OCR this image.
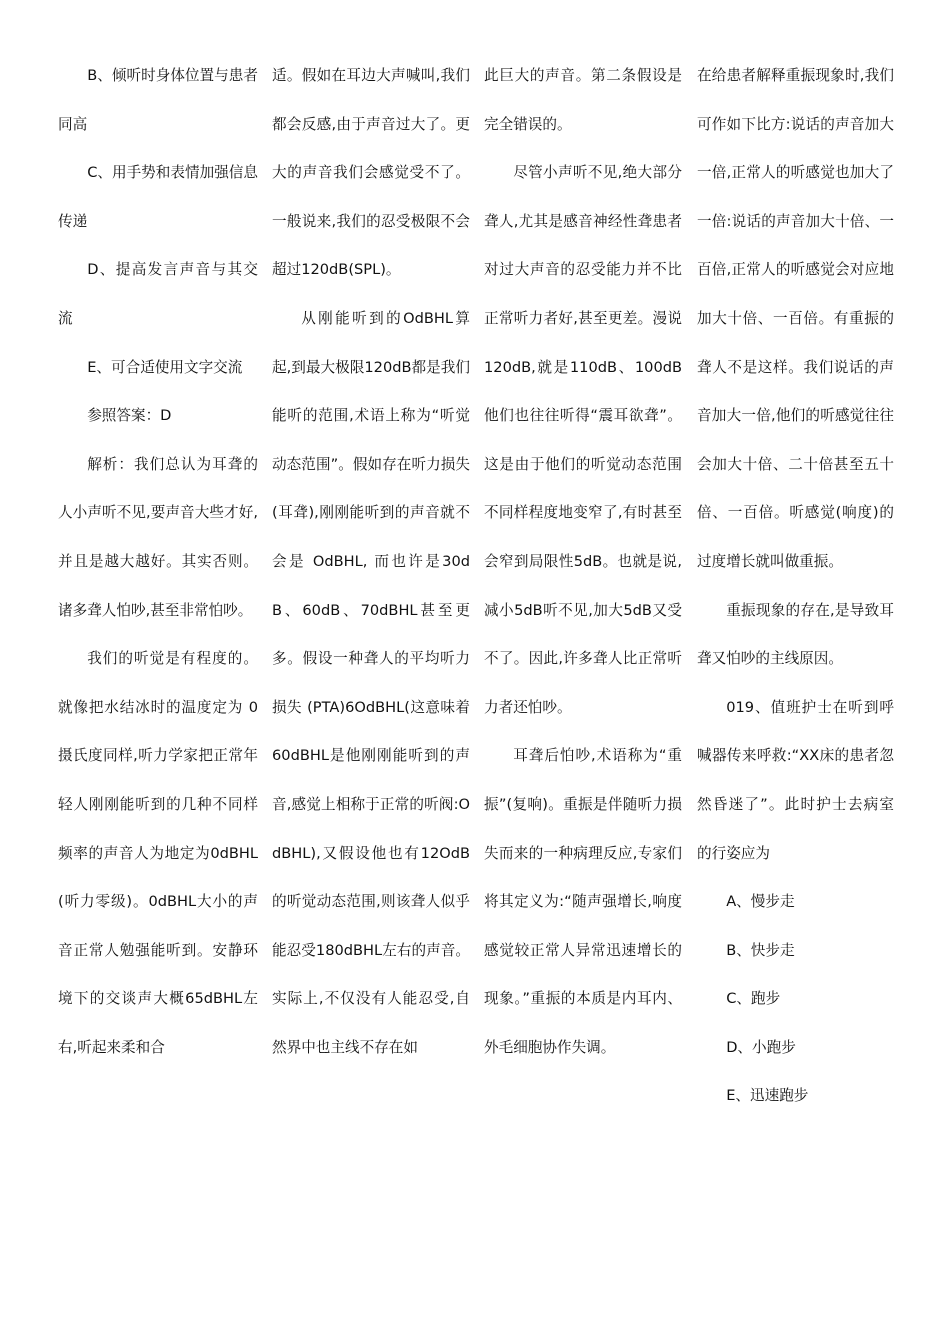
B、倾听时身体位置与患者同高

C、用手势和表情加强信息传递

D、提高发言声音与其交流

E、可合适使用文字交流

参照答案：D

解析：我们总认为耳聋的人小声听不见,要声音大些才好,并且是越大越好。其实否则。诸多聋人怕吵,甚至非常怕吵。

我们的听觉是有程度的。就像把水结冰时的温度定为 0摄氏度同样,听力学家把正常年轻人刚刚能听到的几种不同样频率的声音人为地定为0dBHL(听力零级)。0dBHL大小的声音正常人勉强能听到。安静环境下的交谈声大概65dBHL左右,听起来柔和合

适。假如在耳边大声喊叫,我们都会反感,由于声音过大了。更大的声音我们会感觉受不了。一般说来,我们的忍受极限不会超过120dB(SPL)。

从刚能听到的OdBHL算起,到最大极限120dB都是我们能听的范围,术语上称为“听觉动态范围”。假如存在听力损失(耳聋),刚刚能听到的声音就不会是 OdBHL, 而也许是30dB、60dB、70dBHL甚至更多。假设一种聋人的平均听力损失 (PTA)6OdBHL(这意味着60dBHL是他刚刚能听到的声音,感觉上相称于正常的听阀:OdBHL),又假设他也有12OdB的听觉动态范围,则该聋人似乎能忍受180dBHL左右的声音。实际上,不仅没有人能忍受,自然界中也主线不存在如

此巨大的声音。第二条假设是完全错误的。

尽管小声听不见,绝大部分聋人,尤其是感音神经性聋患者对过大声音的忍受能力并不比正常听力者好,甚至更差。漫说120dB,就是110dB、100dB他们也往往听得“震耳欲聋”。这是由于他们的听觉动态范围不同样程度地变窄了,有时甚至会窄到局限性5dB。也就是说,减小5dB听不见,加大5dB又受不了。因此,许多聋人比正常听力者还怕吵。

耳聋后怕吵,术语称为“重振”(复响)。重振是伴随听力损失而来的一种病理反应,专家们将其定义为:“随声强增长,响度感觉较正常人异常迅速增长的现象。”重振的本质是内耳内、外毛细胞协作失调。

在给患者解释重振现象时,我们可作如下比方:说话的声音加大一倍,正常人的听感觉也加大了一倍:说话的声音加大十倍、一百倍,正常人的听感觉会对应地加大十倍、一百倍。有重振的聋人不是这样。我们说话的声音加大一倍,他们的听感觉往往会加大十倍、二十倍甚至五十倍、一百倍。听感觉(响度)的过度增长就叫做重振。

重振现象的存在,是导致耳聋又怕吵的主线原因。

019、值班护士在听到呼喊器传来呼救:“XX床的患者忽然昏迷了”。此时护士去病室的行姿应为

A、慢步走

B、快步走

C、跑步

D、小跑步

E、迅速跑步
